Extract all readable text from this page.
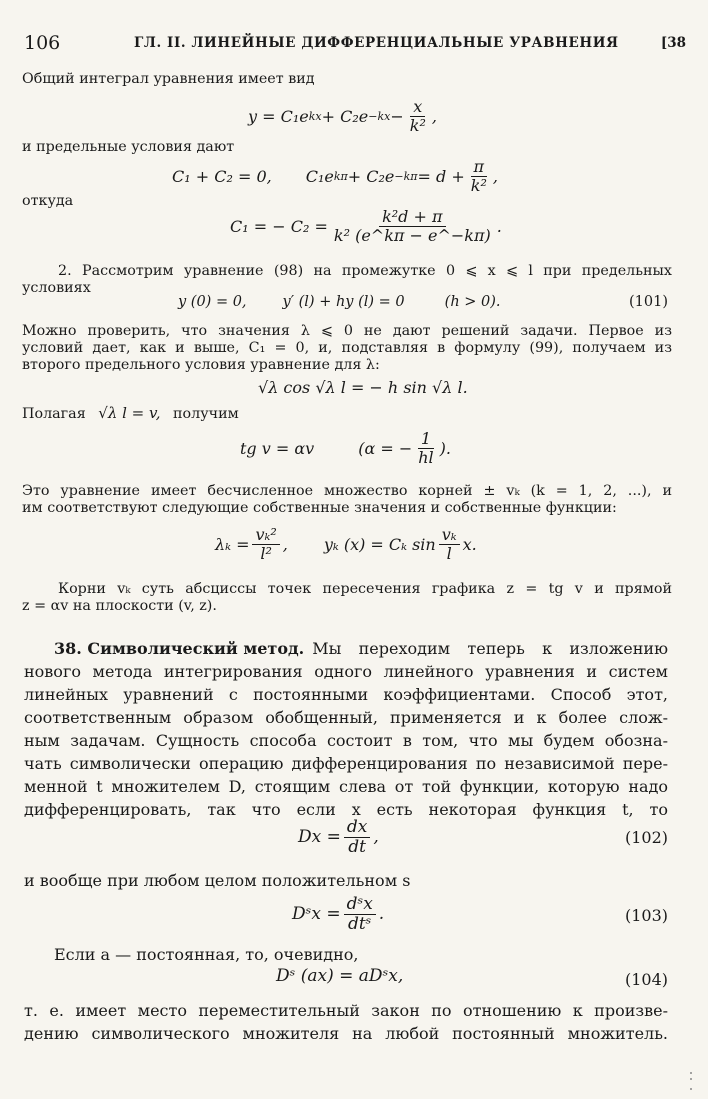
106	ГЛ. II. ЛИНЕЙНЫЕ ДИФФЕРЕНЦИАЛЬНЫЕ УРАВНЕНИЯ	[38
Общий интеграл уравнения имеет вид
y = C₁e kx + $C_2e -kx - \frac{x}{\text{k²}}$ ,
и предельные условия дают
C₁ + C₂ = 0, C₁e $k\pi + C_2e -k\pi = d + \frac{\pi}{\text{k²}}$ ,
откуда
C₁ = − $C_2 = \frac{\text{k²d + π}}{\text{k² (e\textasciicircum{}kπ − e\textasciicircum{}−kπ)}}$ .
2. Рассмотрим уравнение (98) на промежутке 0 ⩽ x ⩽ l при предельных
условиях
y (0) = 0, y′ (l) + hy (l) = 0	(h > 0).	(101)
Можно проверить, что значения λ ⩽ 0 не дают решений задачи. Первое из
условий дает, как и выше, C₁ = 0, и, подставляя в формулу (99), получаем из
второго предельного условия уравнение для λ:
√λ cos √λ l = − h sin √λ l.
Полагая √λ l = v, получим
tg v = αv	(α = − $\frac{1}{hl}$ ).
Это уравнение имеет бесчисленное множество корней ± vₖ (k = 1, 2, ...), и
им соответствуют следующие собственные значения и собственные функции:
$\lambda_k = \frac{\text{vₖ²}}{\text{l²}}$ , yₖ (x) = Cₖ $\sin \frac{\text{vₖ}}{l} x$.
Корни vₖ суть абсциссы точек пересечения графика z = tg v и прямой
z = αv на плоскости (v, z).
38. Символический метод. Мы переходим теперь к изложению
нового метода интегрирования одного линейного уравнения и систем
линейных уравнений с постоянными коэффициентами. Способ этот,
соответственным образом обобщенный, применяется и к более слож-
ным задачам. Сущность способа состоит в том, что мы будем обозна-
чать символически операцию дифференцирования по независимой пере-
менной t множителем D, стоящим слева от той функции, которую надо
дифференцировать, так что если x есть некоторая функция t, то
$Dx = \frac{dx}{dt}$ ,	(102)
и вообще при любом целом положительном s
Dˢx = $\frac{\text{dˢx}}{\text{dtˢ}}$ .	(103)
Если a — постоянная, то, очевидно,
Dˢ (ax) = aDˢx,	(104)
т. е. имеет место переместительный закон по отношению к произве-
дению символического множителя на любой постоянный множитель.
